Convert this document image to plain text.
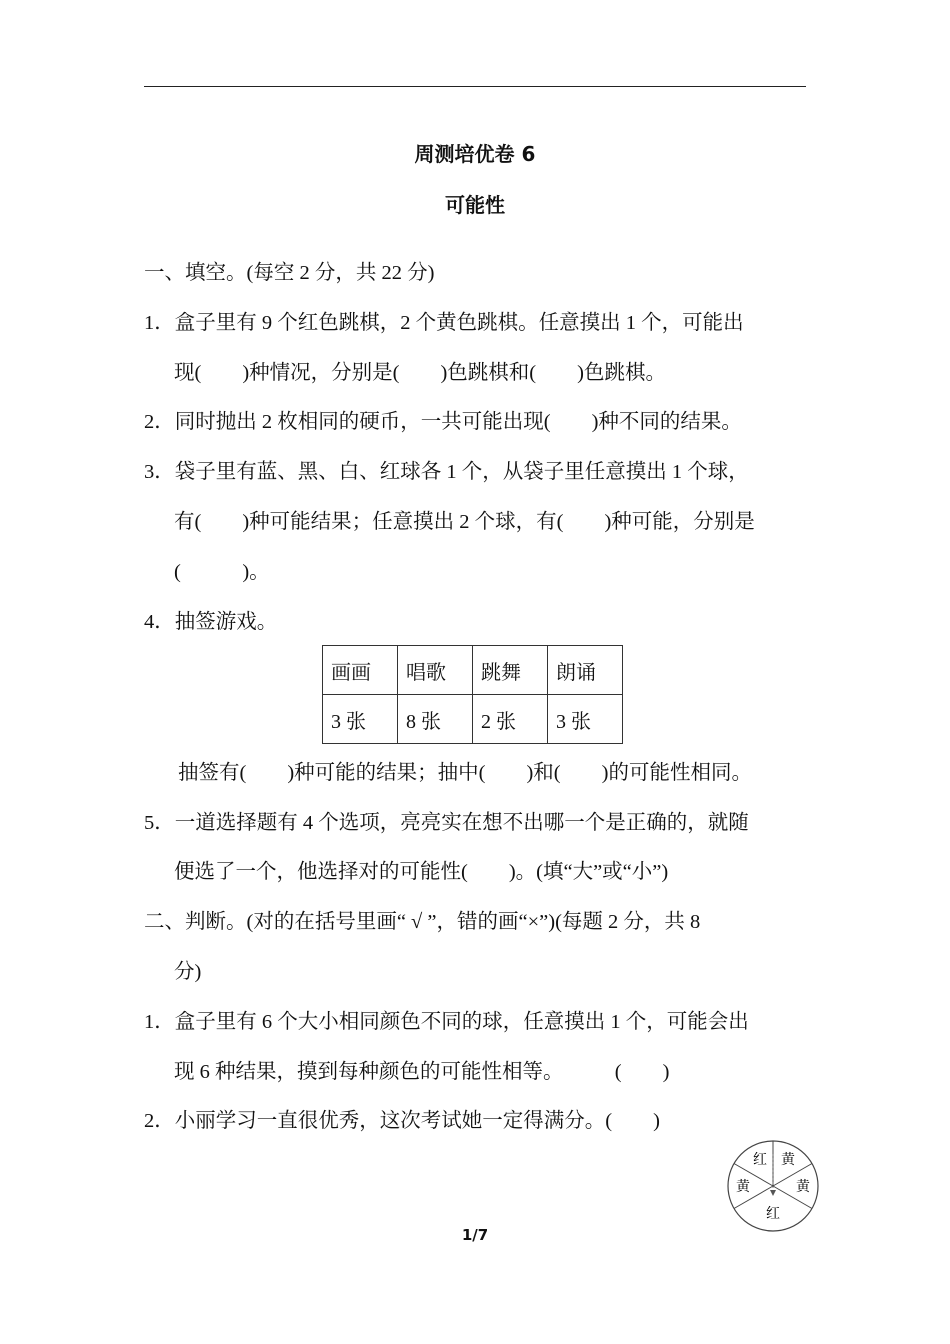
周测培优卷 6
可能性
一、填空。(每空 2 分，共 22 分)
1．盒子里有 9 个红色跳棋，2 个黄色跳棋。任意摸出 1 个，可能出
现(        )种情况，分别是(        )色跳棋和(        )色跳棋。
2．同时抛出 2 枚相同的硬币，一共可能出现(        )种不同的结果。
3．袋子里有蓝、黑、白、红球各 1 个，从袋子里任意摸出 1 个球，
有(        )种可能结果；任意摸出 2 个球，有(        )种可能，分别是
(            )。
4．抽签游戏。
画画	唱歌	跳舞	朗诵
3 张	8 张	2 张	3 张
抽签有(        )种可能的结果；抽中(        )和(        )的可能性相同。
5．一道选择题有 4 个选项，亮亮实在想不出哪一个是正确的，就随
便选了一个，他选择对的可能性(        )。(填“大”或“小”)
二、判断。(对的在括号里画“ √ ”，错的画“×”)(每题 2 分，共 8
分)
1．盒子里有 6 个大小相同颜色不同的球，任意摸出 1 个，可能会出
现 6 种结果，摸到每种颜色的可能性相等。          (        )
2．小丽学习一直很优秀，这次考试她一定得满分。(        )
红 黄
黄	黄
红
1/7
